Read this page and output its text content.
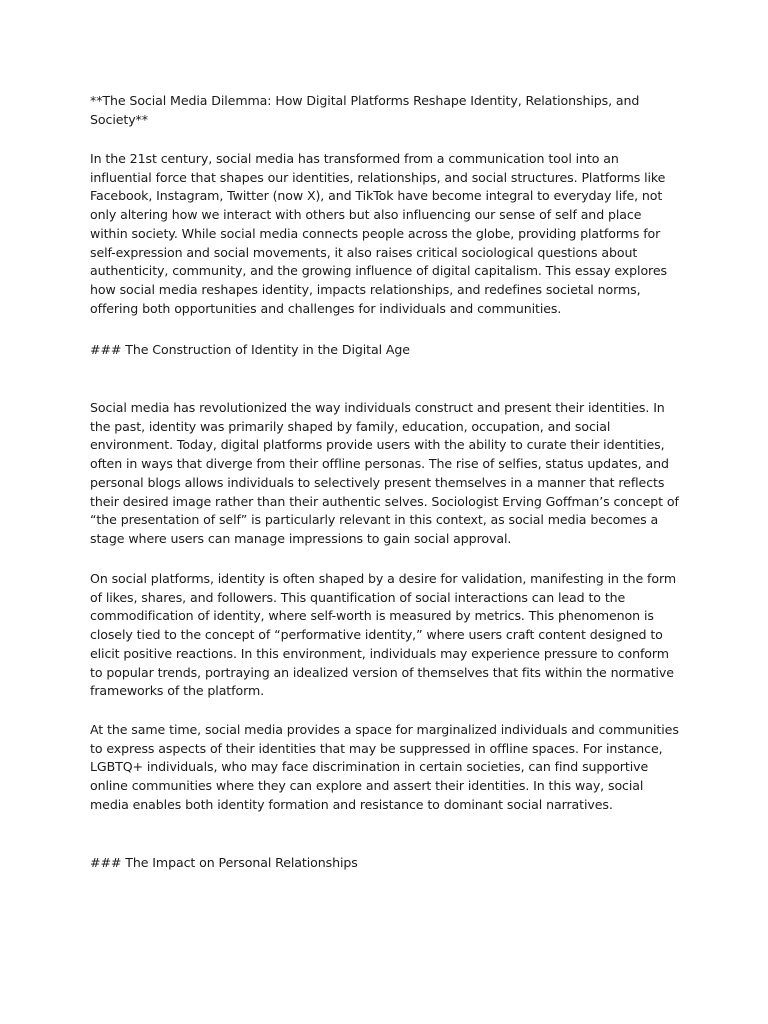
**The Social Media Dilemma: How Digital Platforms Reshape Identity, Relationships, and Society**

In the 21st century, social media has transformed from a communication tool into an influential force that shapes our identities, relationships, and social structures. Platforms like Facebook, Instagram, Twitter (now X), and TikTok have become integral to everyday life, not only altering how we interact with others but also influencing our sense of self and place within society. While social media connects people across the globe, providing platforms for self-expression and social movements, it also raises critical sociological questions about authenticity, community, and the growing influence of digital capitalism. This essay explores how social media reshapes identity, impacts relationships, and redefines societal norms, offering both opportunities and challenges for individuals and communities.

### The Construction of Identity in the Digital Age

Social media has revolutionized the way individuals construct and present their identities. In the past, identity was primarily shaped by family, education, occupation, and social environment. Today, digital platforms provide users with the ability to curate their identities, often in ways that diverge from their offline personas. The rise of selfies, status updates, and personal blogs allows individuals to selectively present themselves in a manner that reflects their desired image rather than their authentic selves. Sociologist Erving Goffman’s concept of “the presentation of self” is particularly relevant in this context, as social media becomes a stage where users can manage impressions to gain social approval.

On social platforms, identity is often shaped by a desire for validation, manifesting in the form of likes, shares, and followers. This quantification of social interactions can lead to the commodification of identity, where self-worth is measured by metrics. This phenomenon is closely tied to the concept of “performative identity,” where users craft content designed to elicit positive reactions. In this environment, individuals may experience pressure to conform to popular trends, portraying an idealized version of themselves that fits within the normative frameworks of the platform.

At the same time, social media provides a space for marginalized individuals and communities to express aspects of their identities that may be suppressed in offline spaces. For instance, LGBTQ+ individuals, who may face discrimination in certain societies, can find supportive online communities where they can explore and assert their identities. In this way, social media enables both identity formation and resistance to dominant social narratives.

### The Impact on Personal Relationships
